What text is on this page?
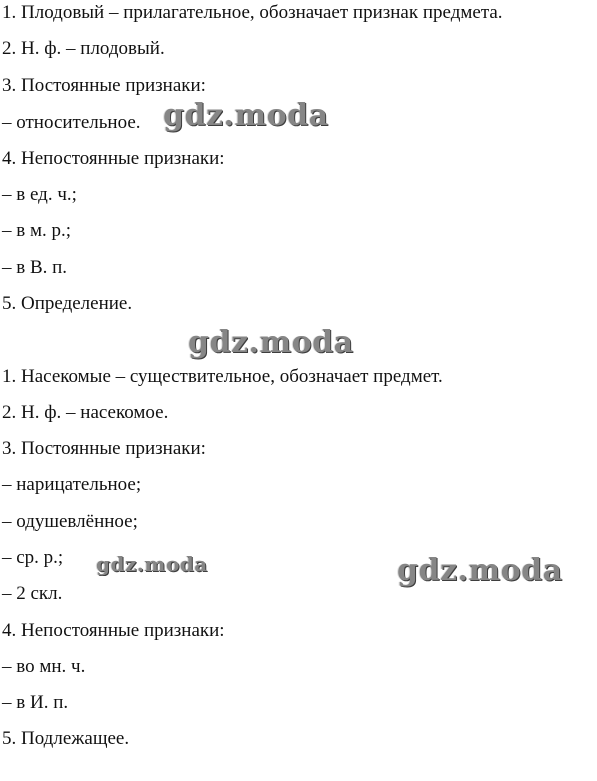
1. Плодовый – прилагательное, обозначает признак предмета.
2. Н. ф. – плодовый.
3. Постоянные признаки:
– относительное.
4. Непостоянные признаки:
– в ед. ч.;
– в м. р.;
– в В. п.
5. Определение.
1. Насекомые – существительное, обозначает предмет.
2. Н. ф. – насекомое.
3. Постоянные признаки:
– нарицательное;
– одушевлённое;
– ср. р.;
– 2 скл.
4. Непостоянные признаки:
– во мн. ч.
– в И. п.
5. Подлежащее.
gdz.moda
gdz.moda
gdz.moda	gdz.moda
